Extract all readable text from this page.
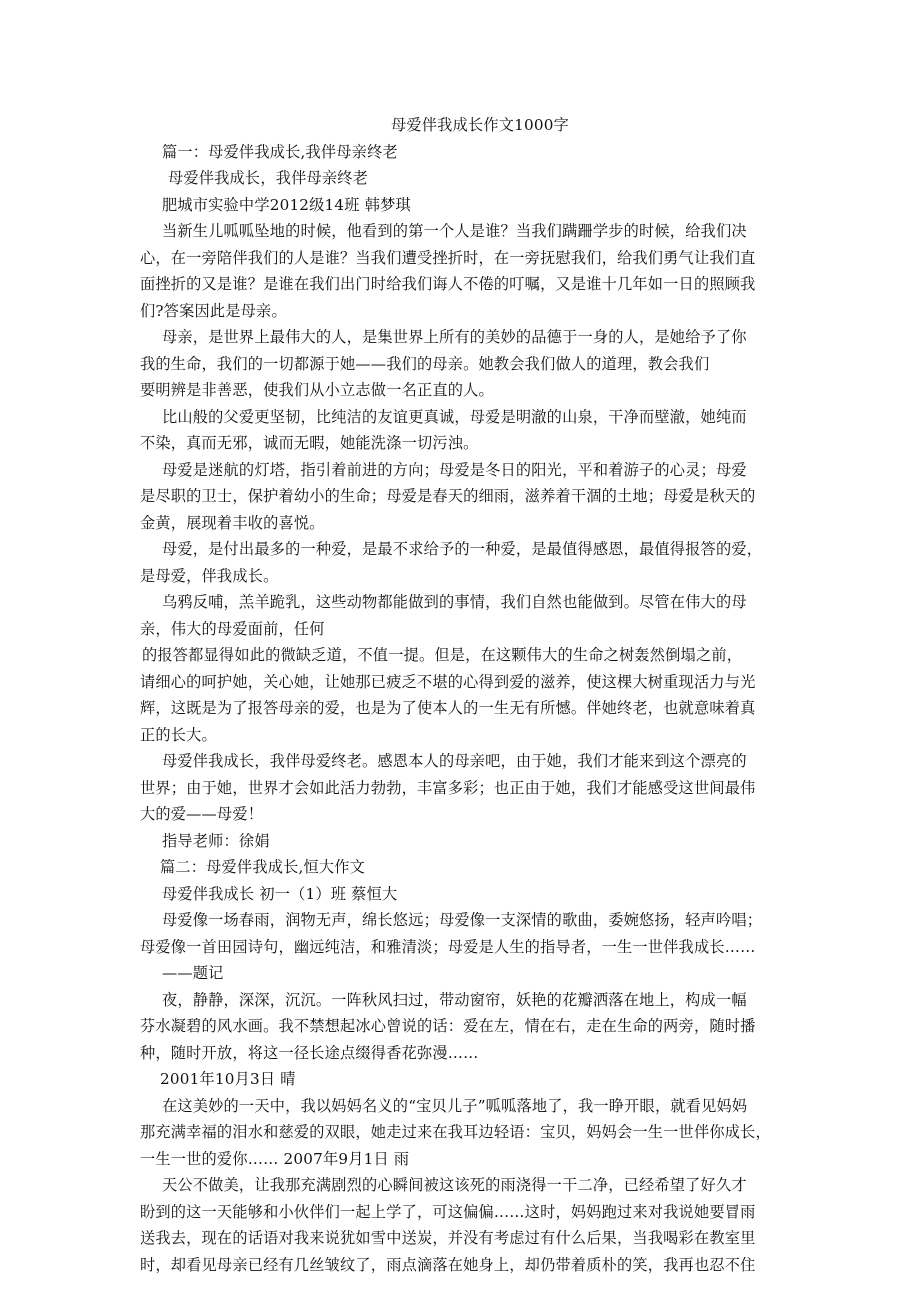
母爱伴我成长作文1000字
篇一：母爱伴我成长,我伴母亲终老
母爱伴我成长，我伴母亲终老
肥城市实验中学2012级14班 韩梦琪
当新生儿呱呱坠地的时候，他看到的第一个人是谁？当我们蹒跚学步的时候，给我们决
心，在一旁陪伴我们的人是谁？当我们遭受挫折时，在一旁抚慰我们，给我们勇气让我们直
面挫折的又是谁？是谁在我们出门时给我们诲人不倦的叮嘱，又是谁十几年如一日的照顾我
们?答案因此是母亲。
母亲，是世界上最伟大的人，是集世界上所有的美妙的品德于一身的人，是她给予了你
我的生命，我们的一切都源于她——我们的母亲。她教会我们做人的道理，教会我们
要明辨是非善恶，使我们从小立志做一名正直的人。
比山般的父爱更坚韧，比纯洁的友谊更真诚，母爱是明澈的山泉，干净而壁澈，她纯而
不染，真而无邪，诚而无暇，她能洗涤一切污浊。
母爱是迷航的灯塔，指引着前进的方向；母爱是冬日的阳光，平和着游子的心灵；母爱
是尽职的卫士，保护着幼小的生命；母爱是春天的细雨，滋养着干涸的土地；母爱是秋天的
金黄，展现着丰收的喜悦。
母爱，是付出最多的一种爱，是最不求给予的一种爱，是最值得感恩，最值得报答的爱，
是母爱，伴我成长。
乌鸦反哺，羔羊跪乳，这些动物都能做到的事情，我们自然也能做到。尽管在伟大的母
亲，伟大的母爱面前，任何
的报答都显得如此的微缺乏道，不值一提。但是，在这颗伟大的生命之树轰然倒塌之前，
请细心的呵护她，关心她，让她那已疲乏不堪的心得到爱的滋养，使这棵大树重现活力与光
辉，这既是为了报答母亲的爱，也是为了使本人的一生无有所憾。伴她终老，也就意味着真
正的长大。
母爱伴我成长，我伴母爱终老。感恩本人的母亲吧，由于她，我们才能来到这个漂亮的
世界；由于她，世界才会如此活力勃勃，丰富多彩；也正由于她，我们才能感受这世间最伟
大的爱——母爱！
指导老师：徐娟
篇二：母爱伴我成长,恒大作文
母爱伴我成长 初一（1）班 蔡恒大
母爱像一场春雨，润物无声，绵长悠远；母爱像一支深情的歌曲，委婉悠扬，轻声吟唱；
母爱像一首田园诗句，幽远纯洁，和雅清淡；母爱是人生的指导者，一生一世伴我成长……
——题记
夜，静静，深深，沉沉。一阵秋风扫过，带动窗帘，妖艳的花瓣洒落在地上，构成一幅
芬水凝碧的风水画。我不禁想起冰心曾说的话：爱在左，情在右，走在生命的两旁，随时播
种，随时开放，将这一径长途点缀得香花弥漫……
2001年10月3日 晴
在这美妙的一天中，我以妈妈名义的“宝贝儿子”呱呱落地了，我一睁开眼，就看见妈妈
那充满幸福的泪水和慈爱的双眼，她走过来在我耳边轻语：宝贝，妈妈会一生一世伴你成长，
一生一世的爱你…… 2007年9月1日 雨
天公不做美，让我那充满剧烈的心瞬间被这该死的雨浇得一干二净，已经希望了好久才
盼到的这一天能够和小伙伴们一起上学了，可这偏偏……这时，妈妈跑过来对我说她要冒雨
送我去，现在的话语对我来说犹如雪中送炭，并没有考虑过有什么后果，当我喝彩在教室里
时，却看见母亲已经有几丝皱纹了，雨点滴落在她身上，却仍带着质朴的笑，我再也忍不住
